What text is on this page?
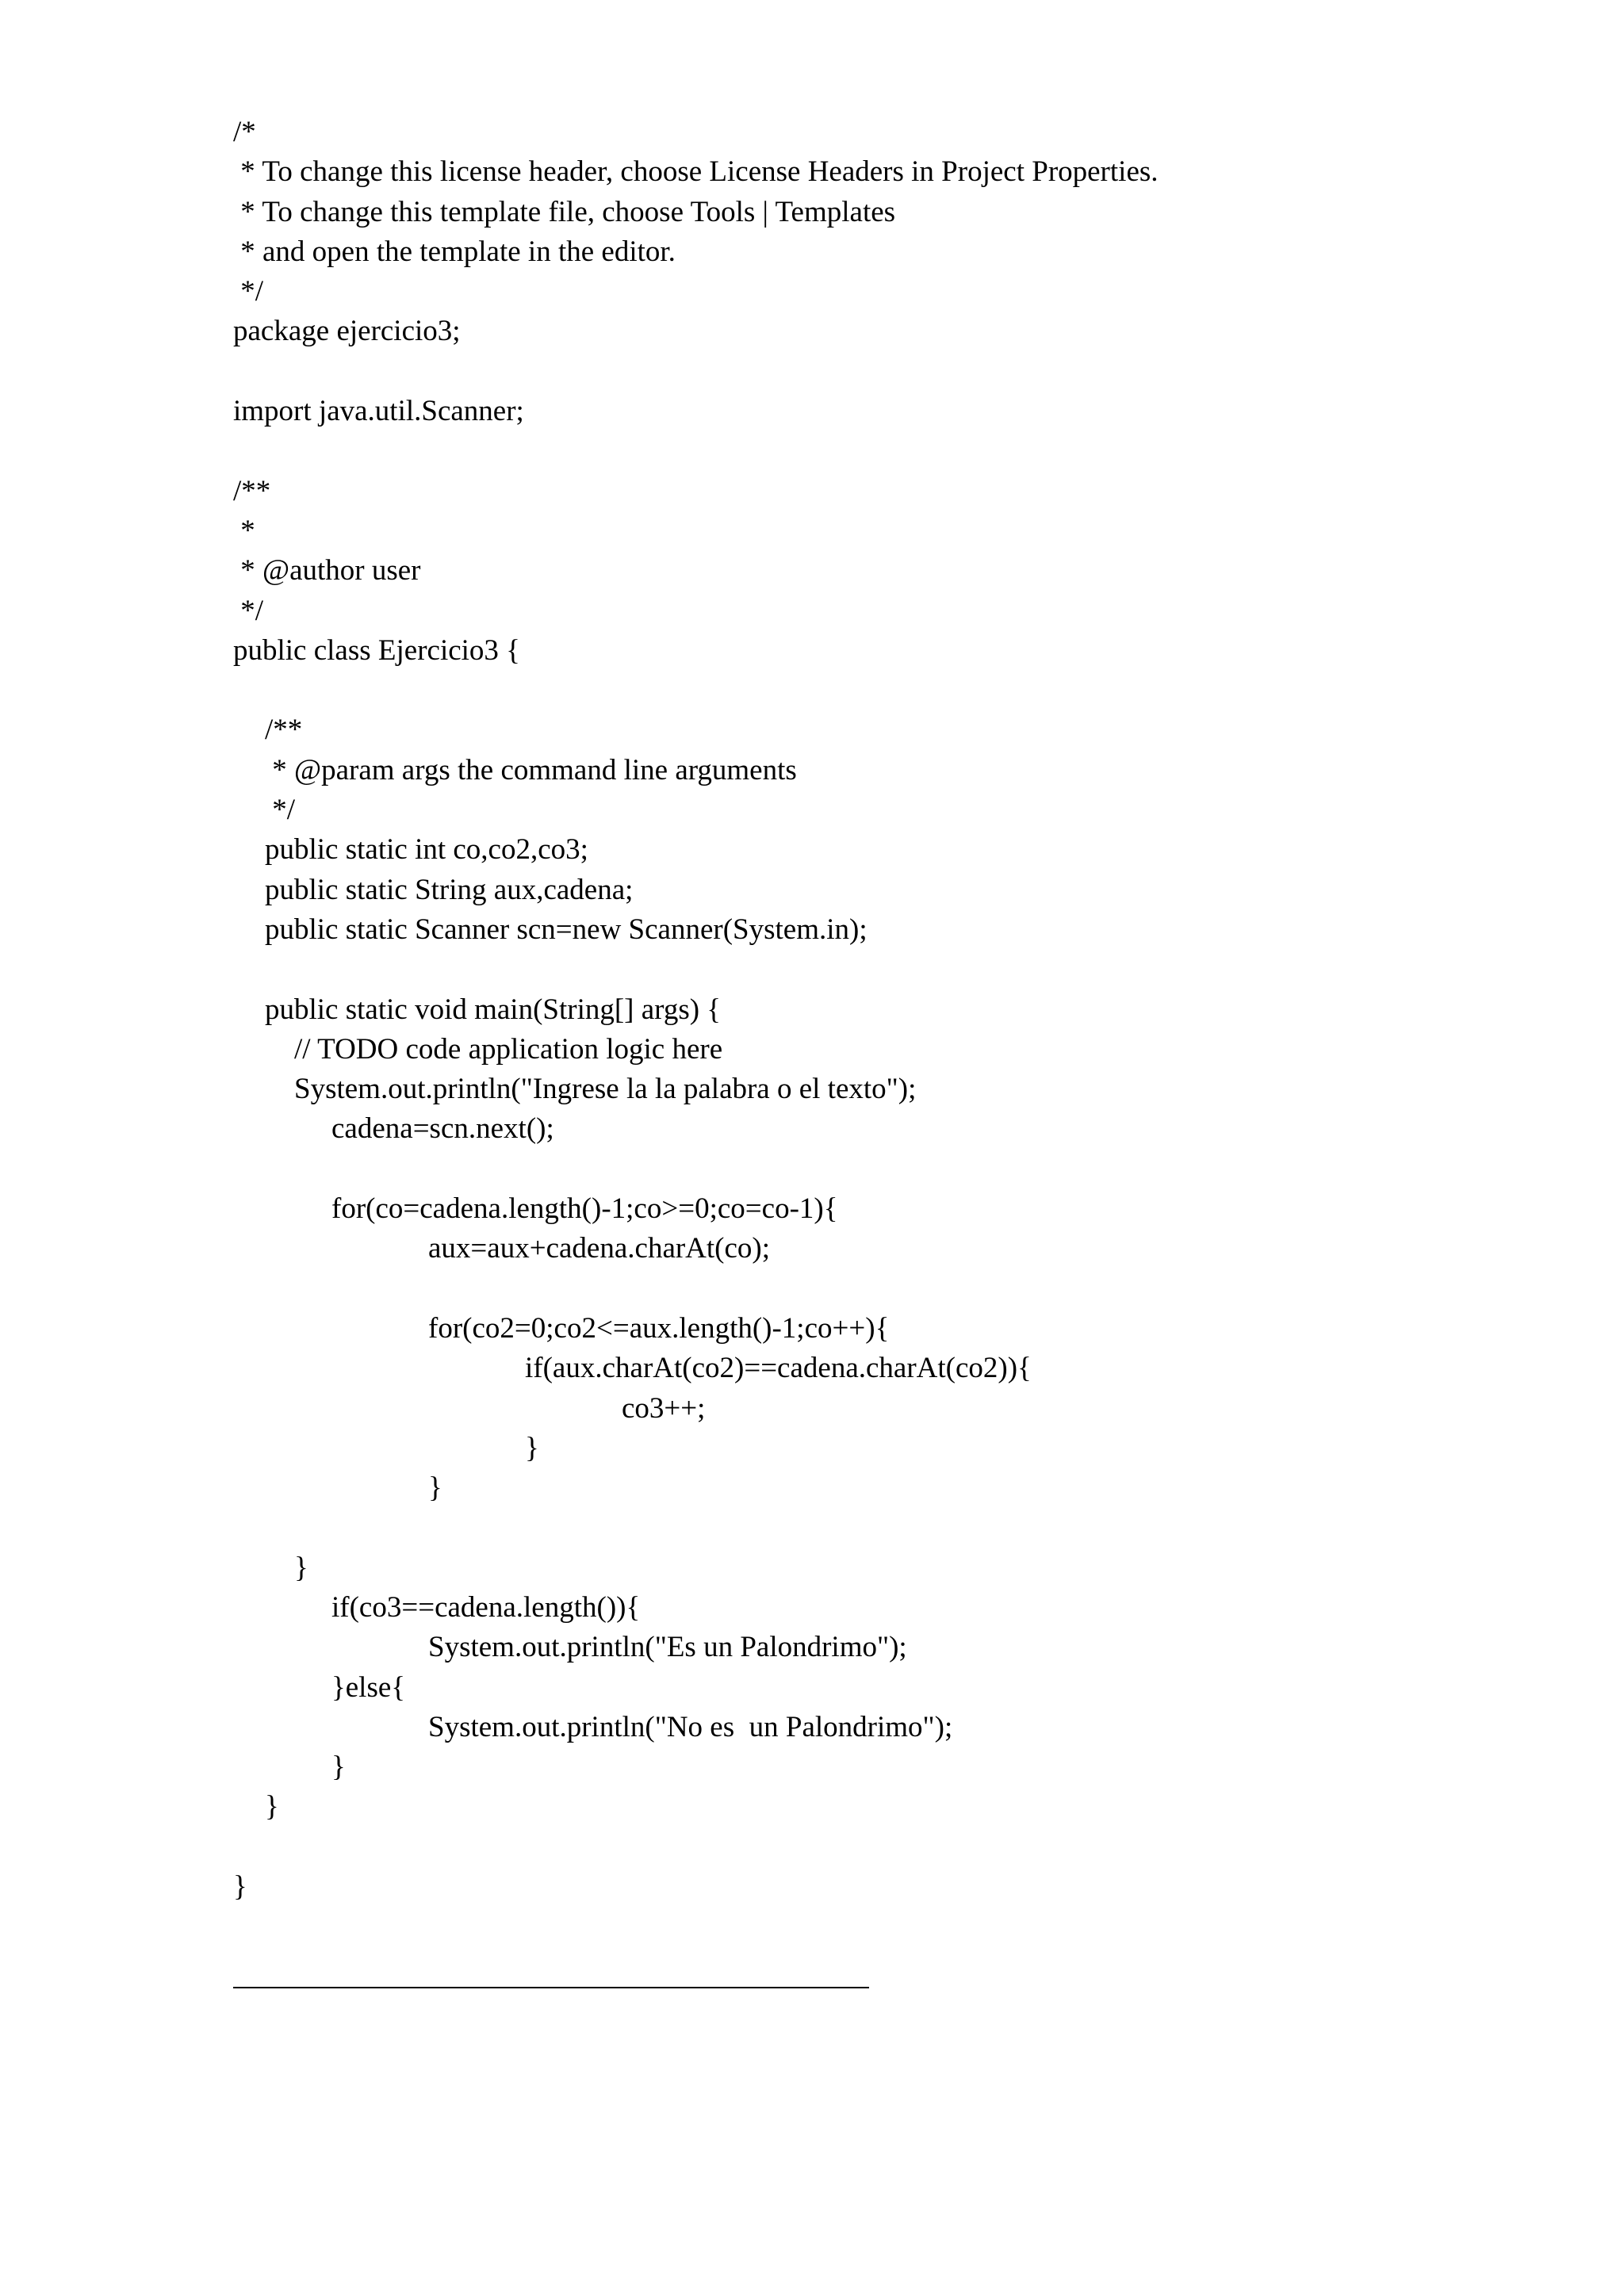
/*
* To change this license header, choose License Headers in Project Properties.
* To change this template file, choose Tools | Templates
* and open the template in the editor.
*/
package ejercicio3;
import java.util.Scanner;
/**
*
* @author user
*/
public class Ejercicio3 {
/**
* @param args the command line arguments
*/
public static int co,co2,co3;
public static String aux,cadena;
public static Scanner scn=new Scanner(System.in);
public static void main(String[] args) {
// TODO code application logic here
System.out.println("Ingrese la la palabra o el texto");
cadena=scn.next();
for(co=cadena.length()-1;co>=0;co=co-1){
aux=aux+cadena.charAt(co);
for(co2=0;co2<=aux.length()-1;co++){
if(aux.charAt(co2)==cadena.charAt(co2)){
co3++;
}
}
}
if(co3==cadena.length()){
System.out.println("Es un Palondrimo");
}else{
System.out.println("No es  un Palondrimo");
}
}
}
